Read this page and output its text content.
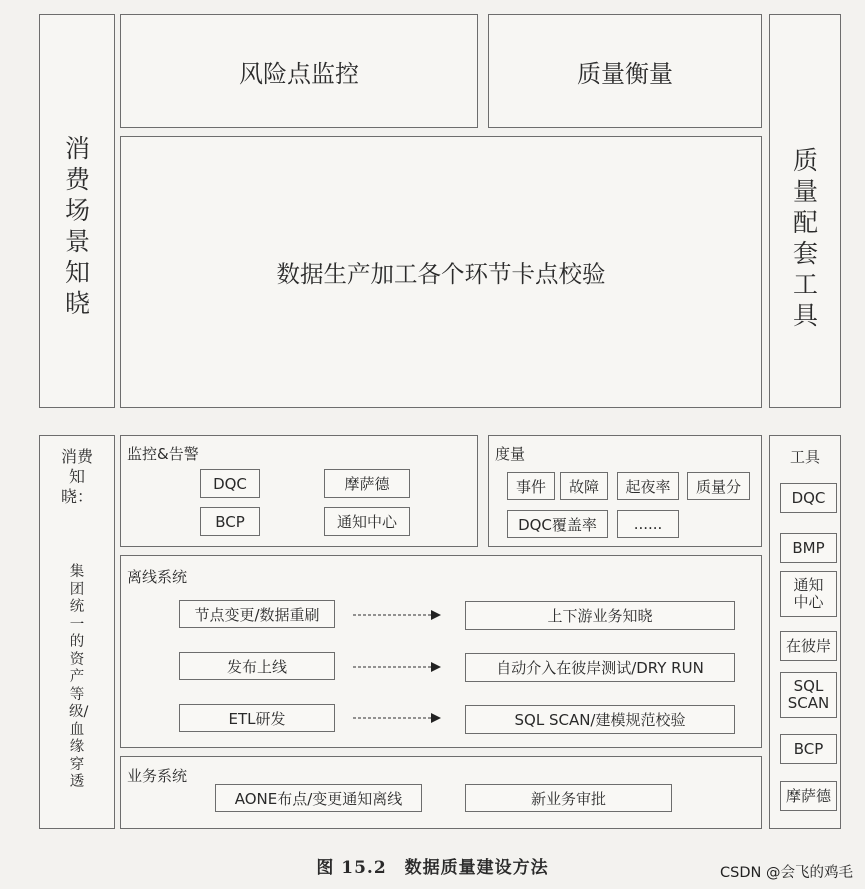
消费场景知晓
风险点监控	质量衡量
数据生产加工各个环节卡点校验
质量配套工具
消费知晓：
集团统一的资产等级/血缘穿透
监控&告警
DQC	摩萨德
BCP	通知中心
度量
事件	故障	起夜率	质量分
DQC覆盖率	......
离线系统
节点变更/数据重刷	上下游业务知晓
发布上线	自动介入在彼岸测试/DRY RUN
ETL研发	SQL SCAN/建模规范校验
业务系统
AONE布点/变更通知离线	新业务审批
工具
DQC
BMP
通知中心
在彼岸
SQL SCAN
BCP
摩萨德
图 15.2　数据质量建设方法	CSDN @会飞的鸡毛
